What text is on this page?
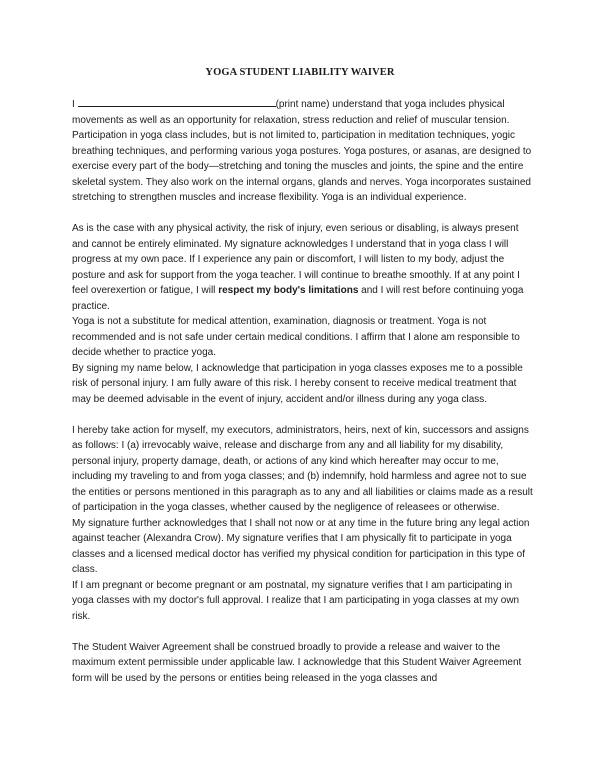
YOGA STUDENT LIABILITY WAIVER

I	(print name) understand that yoga includes physical movements as well as an opportunity for relaxation, stress reduction and relief of muscular tension. Participation in yoga class includes, but is not limited to, participation in meditation techniques, yogic breathing techniques, and performing various yoga postures. Yoga postures, or asanas, are designed to exercise every part of the body—stretching and toning the muscles and joints, the spine and the entire skeletal system. They also work on the internal organs, glands and nerves. Yoga incorporates sustained stretching to strengthen muscles and increase flexibility. Yoga is an individual experience.

As is the case with any physical activity, the risk of injury, even serious or disabling, is always present and cannot be entirely eliminated. My signature acknowledges I understand that in yoga class I will progress at my own pace. If I experience any pain or discomfort, I will listen to my body, adjust the posture and ask for support from the yoga teacher. I will continue to breathe smoothly. If at any point I feel overexertion or fatigue, I will respect my body's limitations and I will rest before continuing yoga practice.

Yoga is not a substitute for medical attention, examination, diagnosis or treatment. Yoga is not recommended and is not safe under certain medical conditions. I affirm that I alone am responsible to decide whether to practice yoga.

By signing my name below, I acknowledge that participation in yoga classes exposes me to a possible risk of personal injury. I am fully aware of this risk. I hereby consent to receive medical treatment that may be deemed advisable in the event of injury, accident and/or illness during any yoga class.

I hereby take action for myself, my executors, administrators, heirs, next of kin, successors and assigns as follows: I (a) irrevocably waive, release and discharge from any and all liability for my disability, personal injury, property damage, death, or actions of any kind which hereafter may occur to me, including my traveling to and from yoga classes; and (b) indemnify, hold harmless and agree not to sue the entities or persons mentioned in this paragraph as to any and all liabilities or claims made as a result of participation in the yoga classes, whether caused by the negligence of releasees or otherwise.

My signature further acknowledges that I shall not now or at any time in the future bring any legal action against teacher (Alexandra Crow). My signature verifies that I am physically fit to participate in yoga classes and a licensed medical doctor has verified my physical condition for participation in this type of class.

If I am pregnant or become pregnant or am postnatal, my signature verifies that I am participating in yoga classes with my doctor's full approval. I realize that I am participating in yoga classes at my own risk.

The Student Waiver Agreement shall be construed broadly to provide a release and waiver to the maximum extent permissible under applicable law. I acknowledge that this Student Waiver Agreement form will be used by the persons or entities being released in the yoga classes and
